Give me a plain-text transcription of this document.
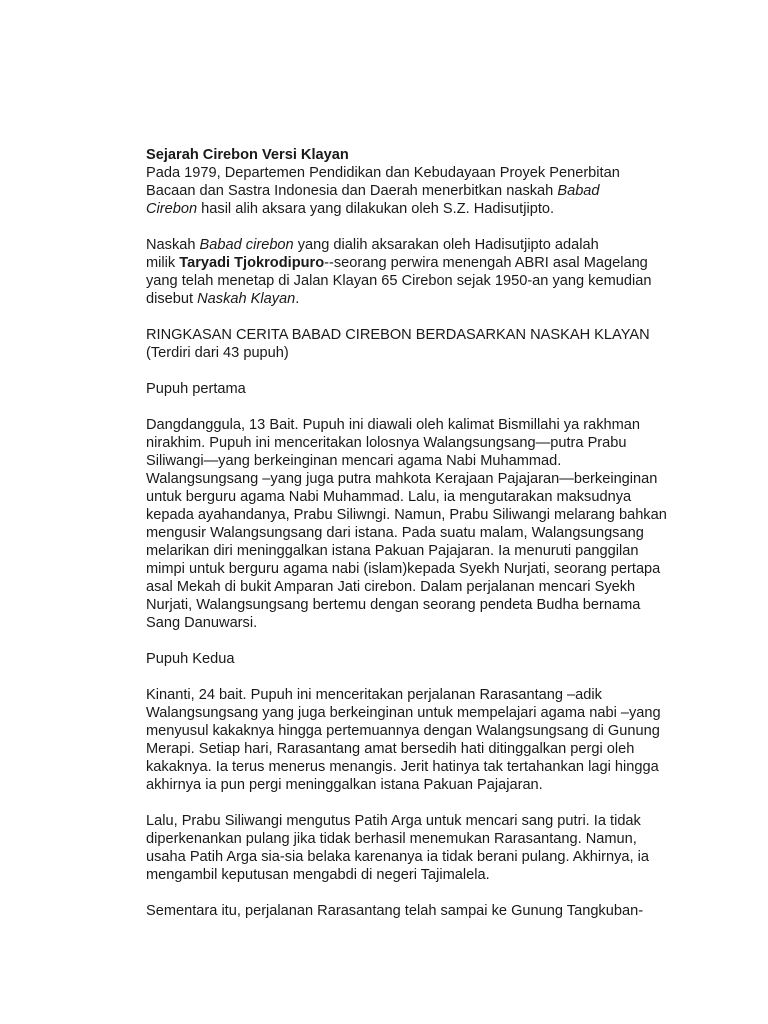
Sejarah Cirebon Versi Klayan
Pada 1979, Departemen Pendidikan dan Kebudayaan Proyek Penerbitan
Bacaan dan Sastra Indonesia dan Daerah menerbitkan naskah Babad
Cirebon hasil alih aksara yang dilakukan oleh S.Z. Hadisutjipto.

Naskah Babad cirebon yang dialih aksarakan oleh Hadisutjipto adalah
milik Taryadi Tjokrodipuro--seorang perwira menengah ABRI asal Magelang
yang telah menetap di Jalan Klayan 65 Cirebon sejak 1950-an yang kemudian
disebut Naskah Klayan.

RINGKASAN CERITA BABAD CIREBON BERDASARKAN NASKAH KLAYAN
(Terdiri dari 43 pupuh)

Pupuh pertama

Dangdanggula, 13 Bait. Pupuh ini diawali oleh kalimat Bismillahi ya rakhman
nirakhim. Pupuh ini menceritakan lolosnya Walangsungsang—putra Prabu
Siliwangi—yang berkeinginan mencari agama Nabi Muhammad.
Walangsungsang –yang juga putra mahkota Kerajaan Pajajaran—berkeinginan
untuk berguru agama Nabi Muhammad. Lalu, ia mengutarakan maksudnya
kepada ayahandanya, Prabu Siliwngi. Namun, Prabu Siliwangi melarang bahkan
mengusir Walangsungsang dari istana. Pada suatu malam, Walangsungsang
melarikan diri meninggalkan istana Pakuan Pajajaran. Ia menuruti panggilan
mimpi untuk berguru agama nabi (islam)kepada Syekh Nurjati, seorang pertapa
asal Mekah di bukit Amparan Jati cirebon. Dalam perjalanan mencari Syekh
Nurjati, Walangsungsang bertemu dengan seorang pendeta Budha bernama
Sang Danuwarsi.

Pupuh Kedua

Kinanti, 24 bait. Pupuh ini menceritakan perjalanan Rarasantang –adik
Walangsungsang yang juga berkeinginan untuk mempelajari agama nabi –yang
menyusul kakaknya hingga pertemuannya dengan Walangsungsang di Gunung
Merapi. Setiap hari, Rarasantang amat bersedih hati ditinggalkan pergi oleh
kakaknya. Ia terus menerus menangis. Jerit hatinya tak tertahankan lagi hingga
akhirnya ia pun pergi meninggalkan istana Pakuan Pajajaran.

Lalu, Prabu Siliwangi mengutus Patih Arga untuk mencari sang putri. Ia tidak
diperkenankan pulang jika tidak berhasil menemukan Rarasantang. Namun,
usaha Patih Arga sia-sia belaka karenanya ia tidak berani pulang. Akhirnya, ia
mengambil keputusan mengabdi di negeri Tajimalela.

Sementara itu, perjalanan Rarasantang telah sampai ke Gunung Tangkuban-
